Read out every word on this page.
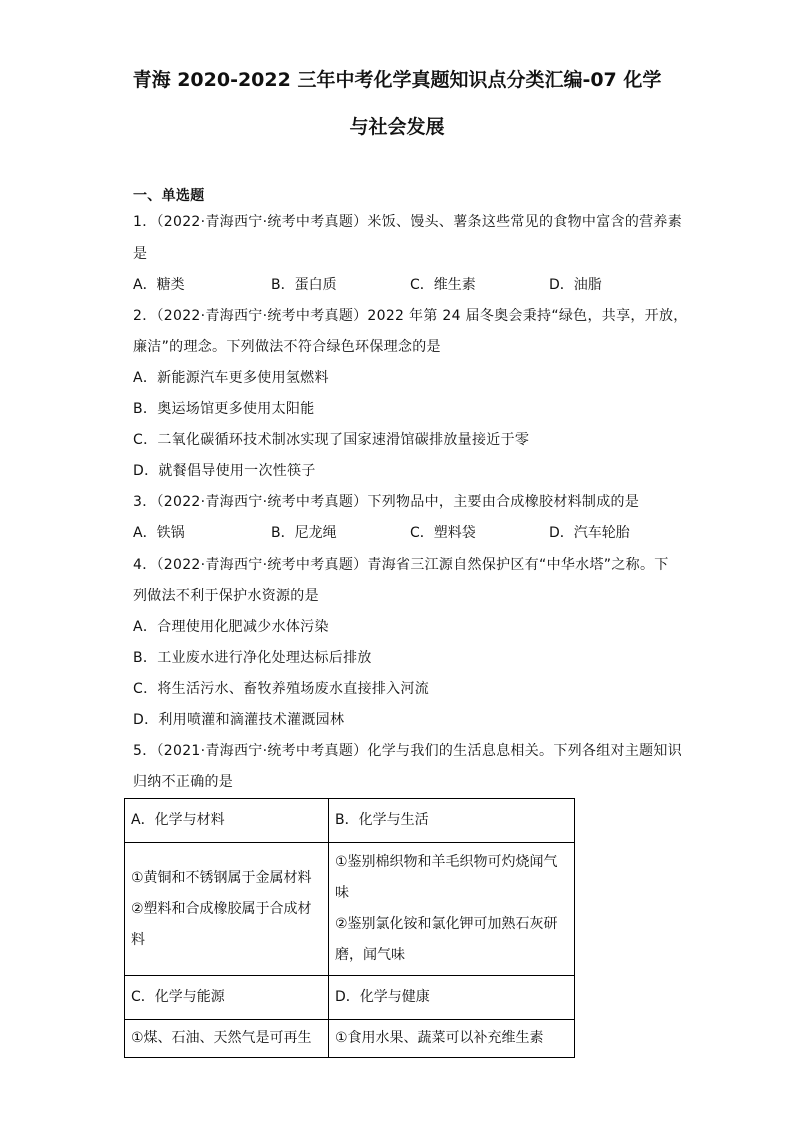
青海 2020-2022 三年中考化学真题知识点分类汇编-07 化学
与社会发展
一、单选题
1．（2022·青海西宁·统考中考真题）米饭、馒头、薯条这些常见的食物中富含的营养素
是
A．糖类	B．蛋白质	C．维生素	D．油脂
2．（2022·青海西宁·统考中考真题）2022 年第 24 届冬奥会秉持“绿色，共享，开放，
廉洁”的理念。下列做法不符合绿色环保理念的是
A．新能源汽车更多使用氢燃料
B．奥运场馆更多使用太阳能
C．二氧化碳循环技术制冰实现了国家速滑馆碳排放量接近于零
D．就餐倡导使用一次性筷子
3．（2022·青海西宁·统考中考真题）下列物品中，主要由合成橡胶材料制成的是
A．铁锅	B．尼龙绳	C．塑料袋	D．汽车轮胎
4．（2022·青海西宁·统考中考真题）青海省三江源自然保护区有“中华水塔”之称。下
列做法不利于保护水资源的是
A．合理使用化肥减少水体污染
B．工业废水进行净化处理达标后排放
C．将生活污水、畜牧养殖场废水直接排入河流
D．利用喷灌和滴灌技术灌溉园林
5．（2021·青海西宁·统考中考真题）化学与我们的生活息息相关。下列各组对主题知识
归纳不正确的是
A．化学与材料	B．化学与生活

①黄铜和不锈钢属于金属材料
②塑料和合成橡胶属于合成材
料	①鉴别棉织物和羊毛织物可灼烧闻气
味
②鉴别氯化铵和氯化钾可加熟石灰研
磨，闻气味

C．化学与能源	D．化学与健康
①煤、石油、天然气是可再生	①食用水果、蔬菜可以补充维生素
